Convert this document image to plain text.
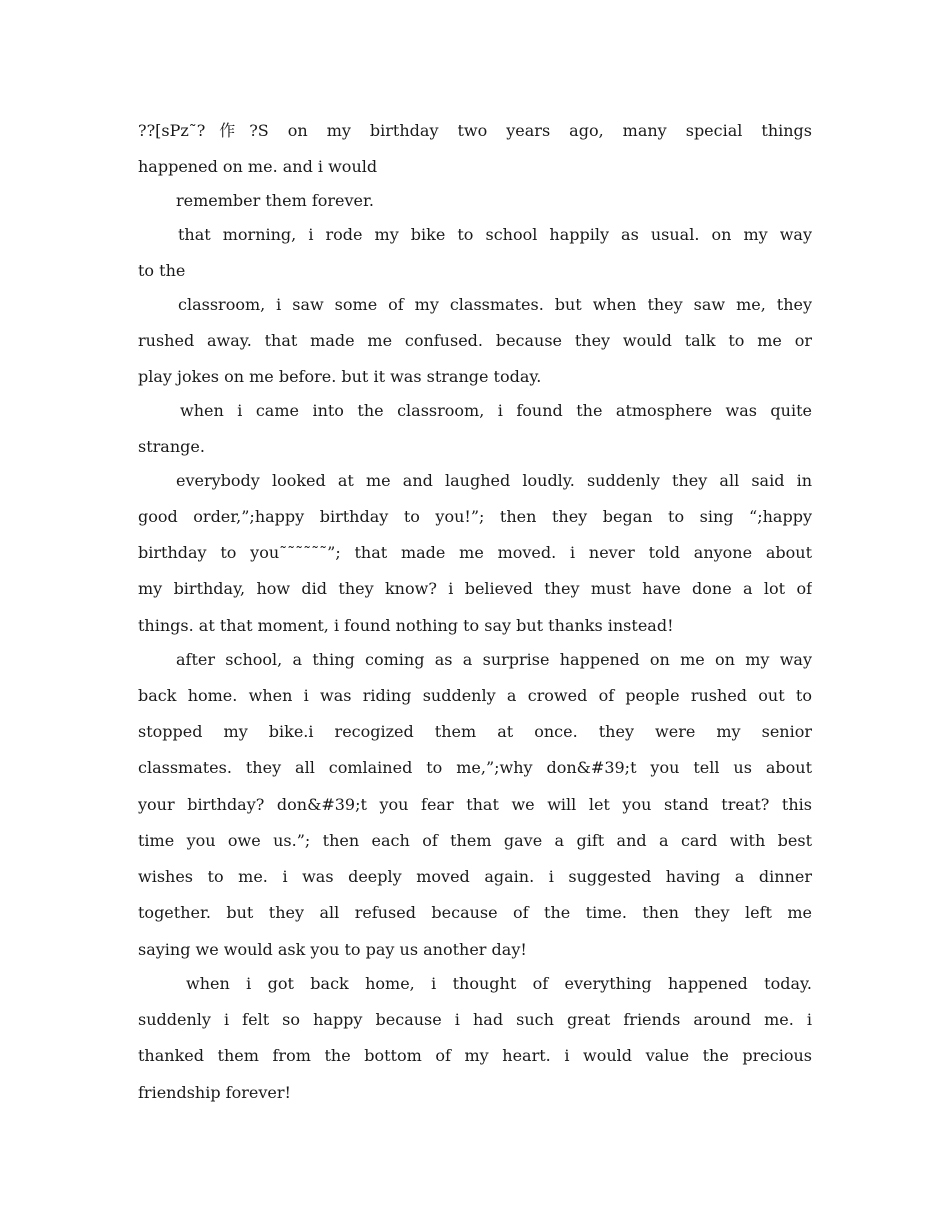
??[sPz˜?作?S on my birthday two years ago, many special things
happened on me. and i would
remember them forever.
that morning, i rode my bike to school happily as usual. on my way
to the
classroom, i saw some of my classmates. but when they saw me, they
rushed away. that made me confused. because they would talk to me or
play jokes on me before. but it was strange today.
when i came into the classroom, i found the atmosphere was quite
strange.
everybody looked at me and laughed loudly. suddenly they all said in
good order,”;happy birthday to you!”; then they began to sing “;happy
birthday to you˜˜˜˜˜˜”; that made me moved. i never told anyone about
my birthday, how did they know? i believed they must have done a lot of
things. at that moment, i found nothing to say but thanks instead!
after school, a thing coming as a surprise happened on me on my way
back home. when i was riding suddenly a crowed of people rushed out to
stopped my bike.i recogized them at once. they were my senior
classmates. they all comlained to me,”;why don&#39;t you tell us about
your birthday? don&#39;t you fear that we will let you stand treat? this
time you owe us.”; then each of them gave a gift and a card with best
wishes to me. i was deeply moved again. i suggested having a dinner
together. but they all refused because of the time. then they left me
saying we would ask you to pay us another day!
when i got back home, i thought of everything happened today.
suddenly i felt so happy because i had such great friends around me. i
thanked them from the bottom of my heart. i would value the precious
friendship forever!
